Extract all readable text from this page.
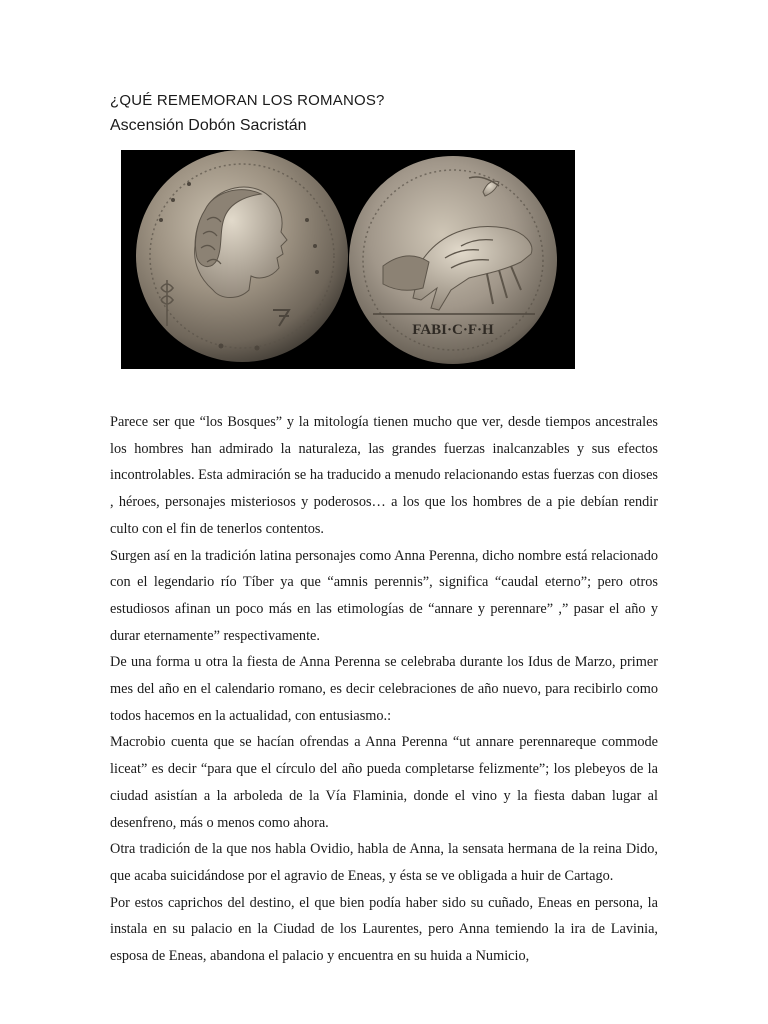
¿QUÉ REMEMORAN LOS ROMANOS?
Ascensión Dobón Sacristán
FABI·C·F·H

Parece ser que “los Bosques” y la mitología tienen mucho que ver, desde tiempos ancestrales los hombres han admirado la naturaleza, las grandes fuerzas inalcanzables y sus efectos incontrolables. Esta admiración se ha traducido a menudo relacionando estas fuerzas con dioses , héroes, personajes misteriosos y poderosos… a los que los hombres de a pie debían rendir culto con el fin de tenerlos contentos.

Surgen así en la tradición latina personajes como Anna Perenna, dicho nombre está relacionado con el legendario río Tíber ya que “amnis perennis”, significa “caudal eterno”; pero otros estudiosos afinan un poco más en las etimologías de “annare y perennare” ,” pasar el año y durar eternamente” respectivamente.

De una forma u otra la fiesta de Anna Perenna se celebraba durante los Idus de Marzo, primer mes del año en el calendario romano, es decir celebraciones de año nuevo, para recibirlo como todos hacemos en la actualidad, con entusiasmo.:

Macrobio cuenta que se hacían ofrendas a Anna Perenna “ut annare perennareque commode liceat” es decir “para que el círculo del año pueda completarse felizmente”; los plebeyos de la ciudad asistían a la arboleda de la Vía Flaminia, donde el vino y la fiesta daban lugar al desenfreno, más o menos como ahora.

Otra tradición de la que nos habla Ovidio, habla de Anna, la sensata hermana de la reina Dido, que acaba suicidándose por el agravio de Eneas, y ésta se ve obligada a huir de Cartago.

Por estos caprichos del destino, el que bien podía haber sido su cuñado, Eneas en persona, la instala en su palacio en la Ciudad de los Laurentes, pero Anna temiendo la ira de Lavinia, esposa de Eneas, abandona el palacio y encuentra en su huida a Numicio,
